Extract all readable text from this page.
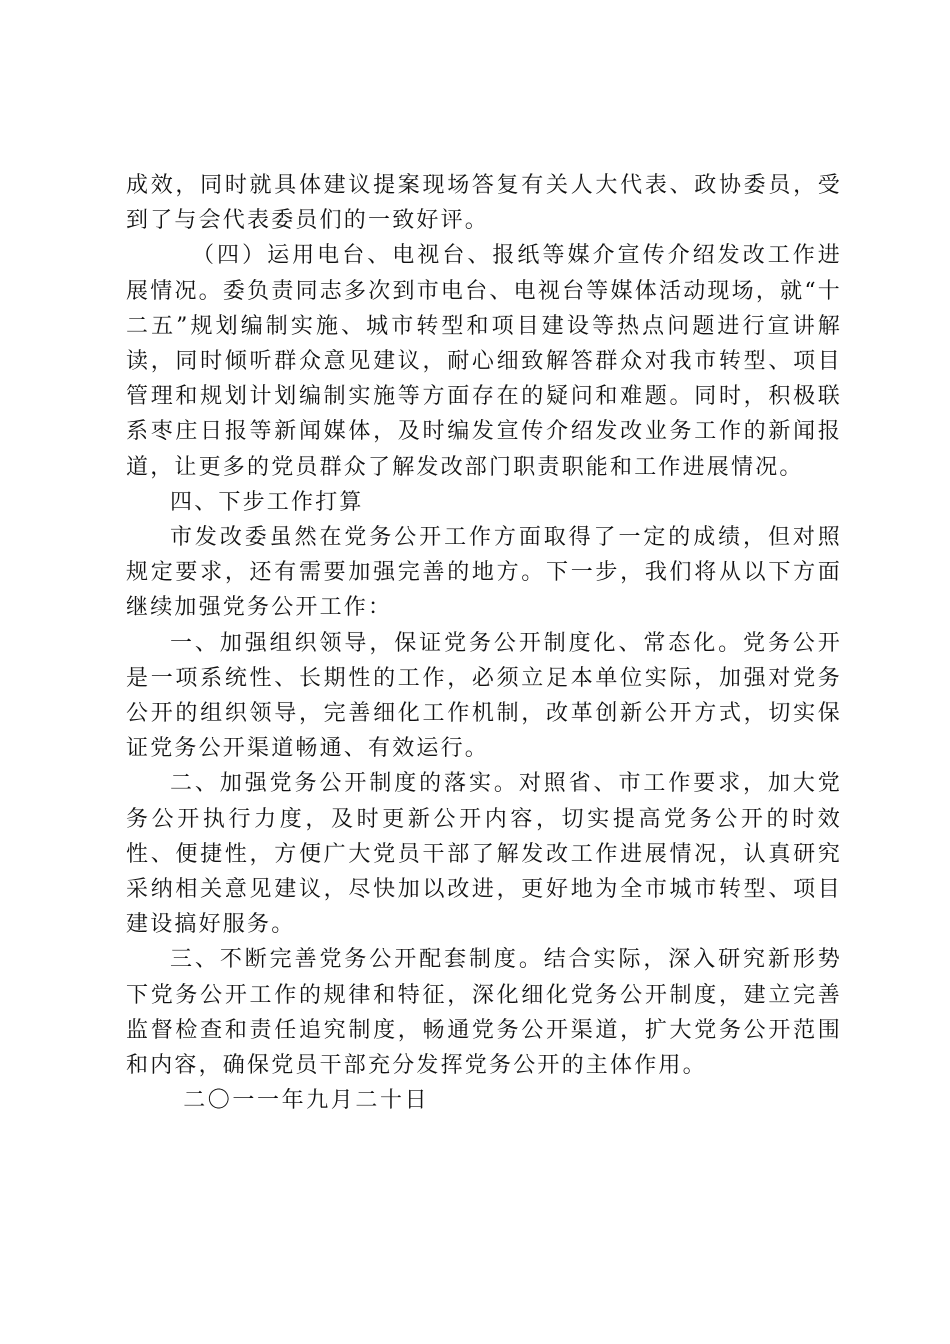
成效，同时就具体建议提案现场答复有关人大代表、政协委员，受到了与会代表委员们的一致好评。

（四）运用电台、电视台、报纸等媒介宣传介绍发改工作进展情况。委负责同志多次到市电台、电视台等媒体活动现场，就“十二五”规划编制实施、城市转型和项目建设等热点问题进行宣讲解读，同时倾听群众意见建议，耐心细致解答群众对我市转型、项目管理和规划计划编制实施等方面存在的疑问和难题。同时，积极联系枣庄日报等新闻媒体，及时编发宣传介绍发改业务工作的新闻报道，让更多的党员群众了解发改部门职责职能和工作进展情况。

四、下步工作打算

市发改委虽然在党务公开工作方面取得了一定的成绩，但对照规定要求，还有需要加强完善的地方。下一步，我们将从以下方面继续加强党务公开工作：

一、加强组织领导，保证党务公开制度化、常态化。党务公开是一项系统性、长期性的工作，必须立足本单位实际，加强对党务公开的组织领导，完善细化工作机制，改革创新公开方式，切实保证党务公开渠道畅通、有效运行。

二、加强党务公开制度的落实。对照省、市工作要求，加大党务公开执行力度，及时更新公开内容，切实提高党务公开的时效性、便捷性，方便广大党员干部了解发改工作进展情况，认真研究采纳相关意见建议，尽快加以改进，更好地为全市城市转型、项目建设搞好服务。

三、不断完善党务公开配套制度。结合实际，深入研究新形势下党务公开工作的规律和特征，深化细化党务公开制度，建立完善监督检查和责任追究制度，畅通党务公开渠道，扩大党务公开范围和内容，确保党员干部充分发挥党务公开的主体作用。

二〇一一年九月二十日
